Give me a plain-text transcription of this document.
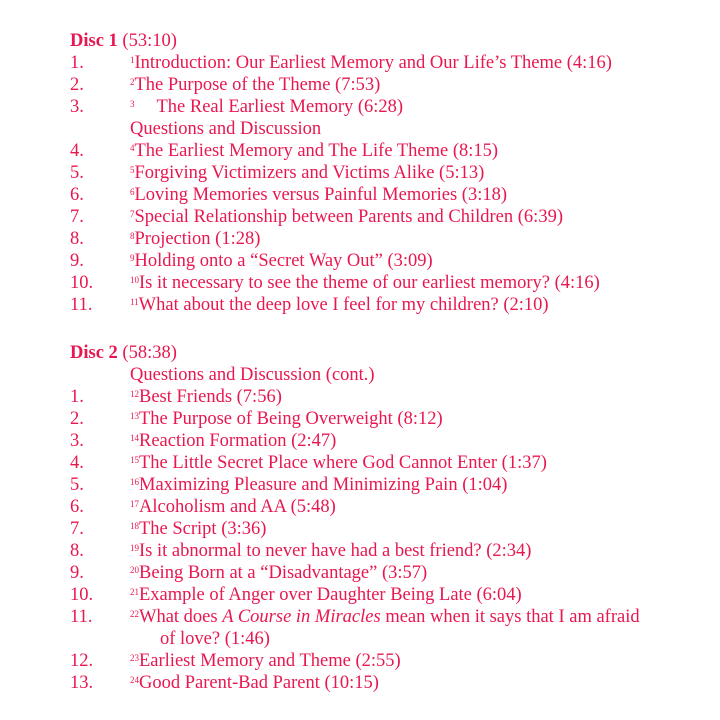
Disc 1 (53:10)
1.	$^1$Introduction: Our Earliest Memory and Our Life’s Theme (4:16)
2.	$^2$The Purpose of the Theme (7:53)
3.	$^3$ The Real Earliest Memory (6:28)
Questions and Discussion
4.	$^4$The Earliest Memory and The Life Theme (8:15)
5.	$^5$Forgiving Victimizers and Victims Alike (5:13)
6.	$^6$Loving Memories versus Painful Memories (3:18)
7.	$^7$Special Relationship between Parents and Children (6:39)
8.	$^8$Projection (1:28)
9.	$^9$Holding onto a “Secret Way Out” (3:09)
10.	$^{10}$Is it necessary to see the theme of our earliest memory? (4:16)
11.	$^{11}$What about the deep love I feel for my children? (2:10)
Disc 2 (58:38)
Questions and Discussion (cont.)
1.	$^{12}$Best Friends (7:56)
2.	$^{13}$The Purpose of Being Overweight (8:12)
3.	$^{14}$Reaction Formation (2:47)
4.	$^{15}$The Little Secret Place where God Cannot Enter (1:37)
5.	$^{16}$Maximizing Pleasure and Minimizing Pain (1:04)
6.	$^{17}$Alcoholism and AA (5:48)
7.	$^{18}$The Script (3:36)
8.	$^{19}$Is it abnormal to never have had a best friend? (2:34)
9.	$^{20}$Being Born at a “Disadvantage” (3:57)
10.	$^{21}$Example of Anger over Daughter Being Late (6:04)
11.	$^{22}$What does A Course in Miracles mean when it says that I am afraid
of love? (1:46)
12.	$^{23}$Earliest Memory and Theme (2:55)
13.	$^{24}$Good Parent-Bad Parent (10:15)
